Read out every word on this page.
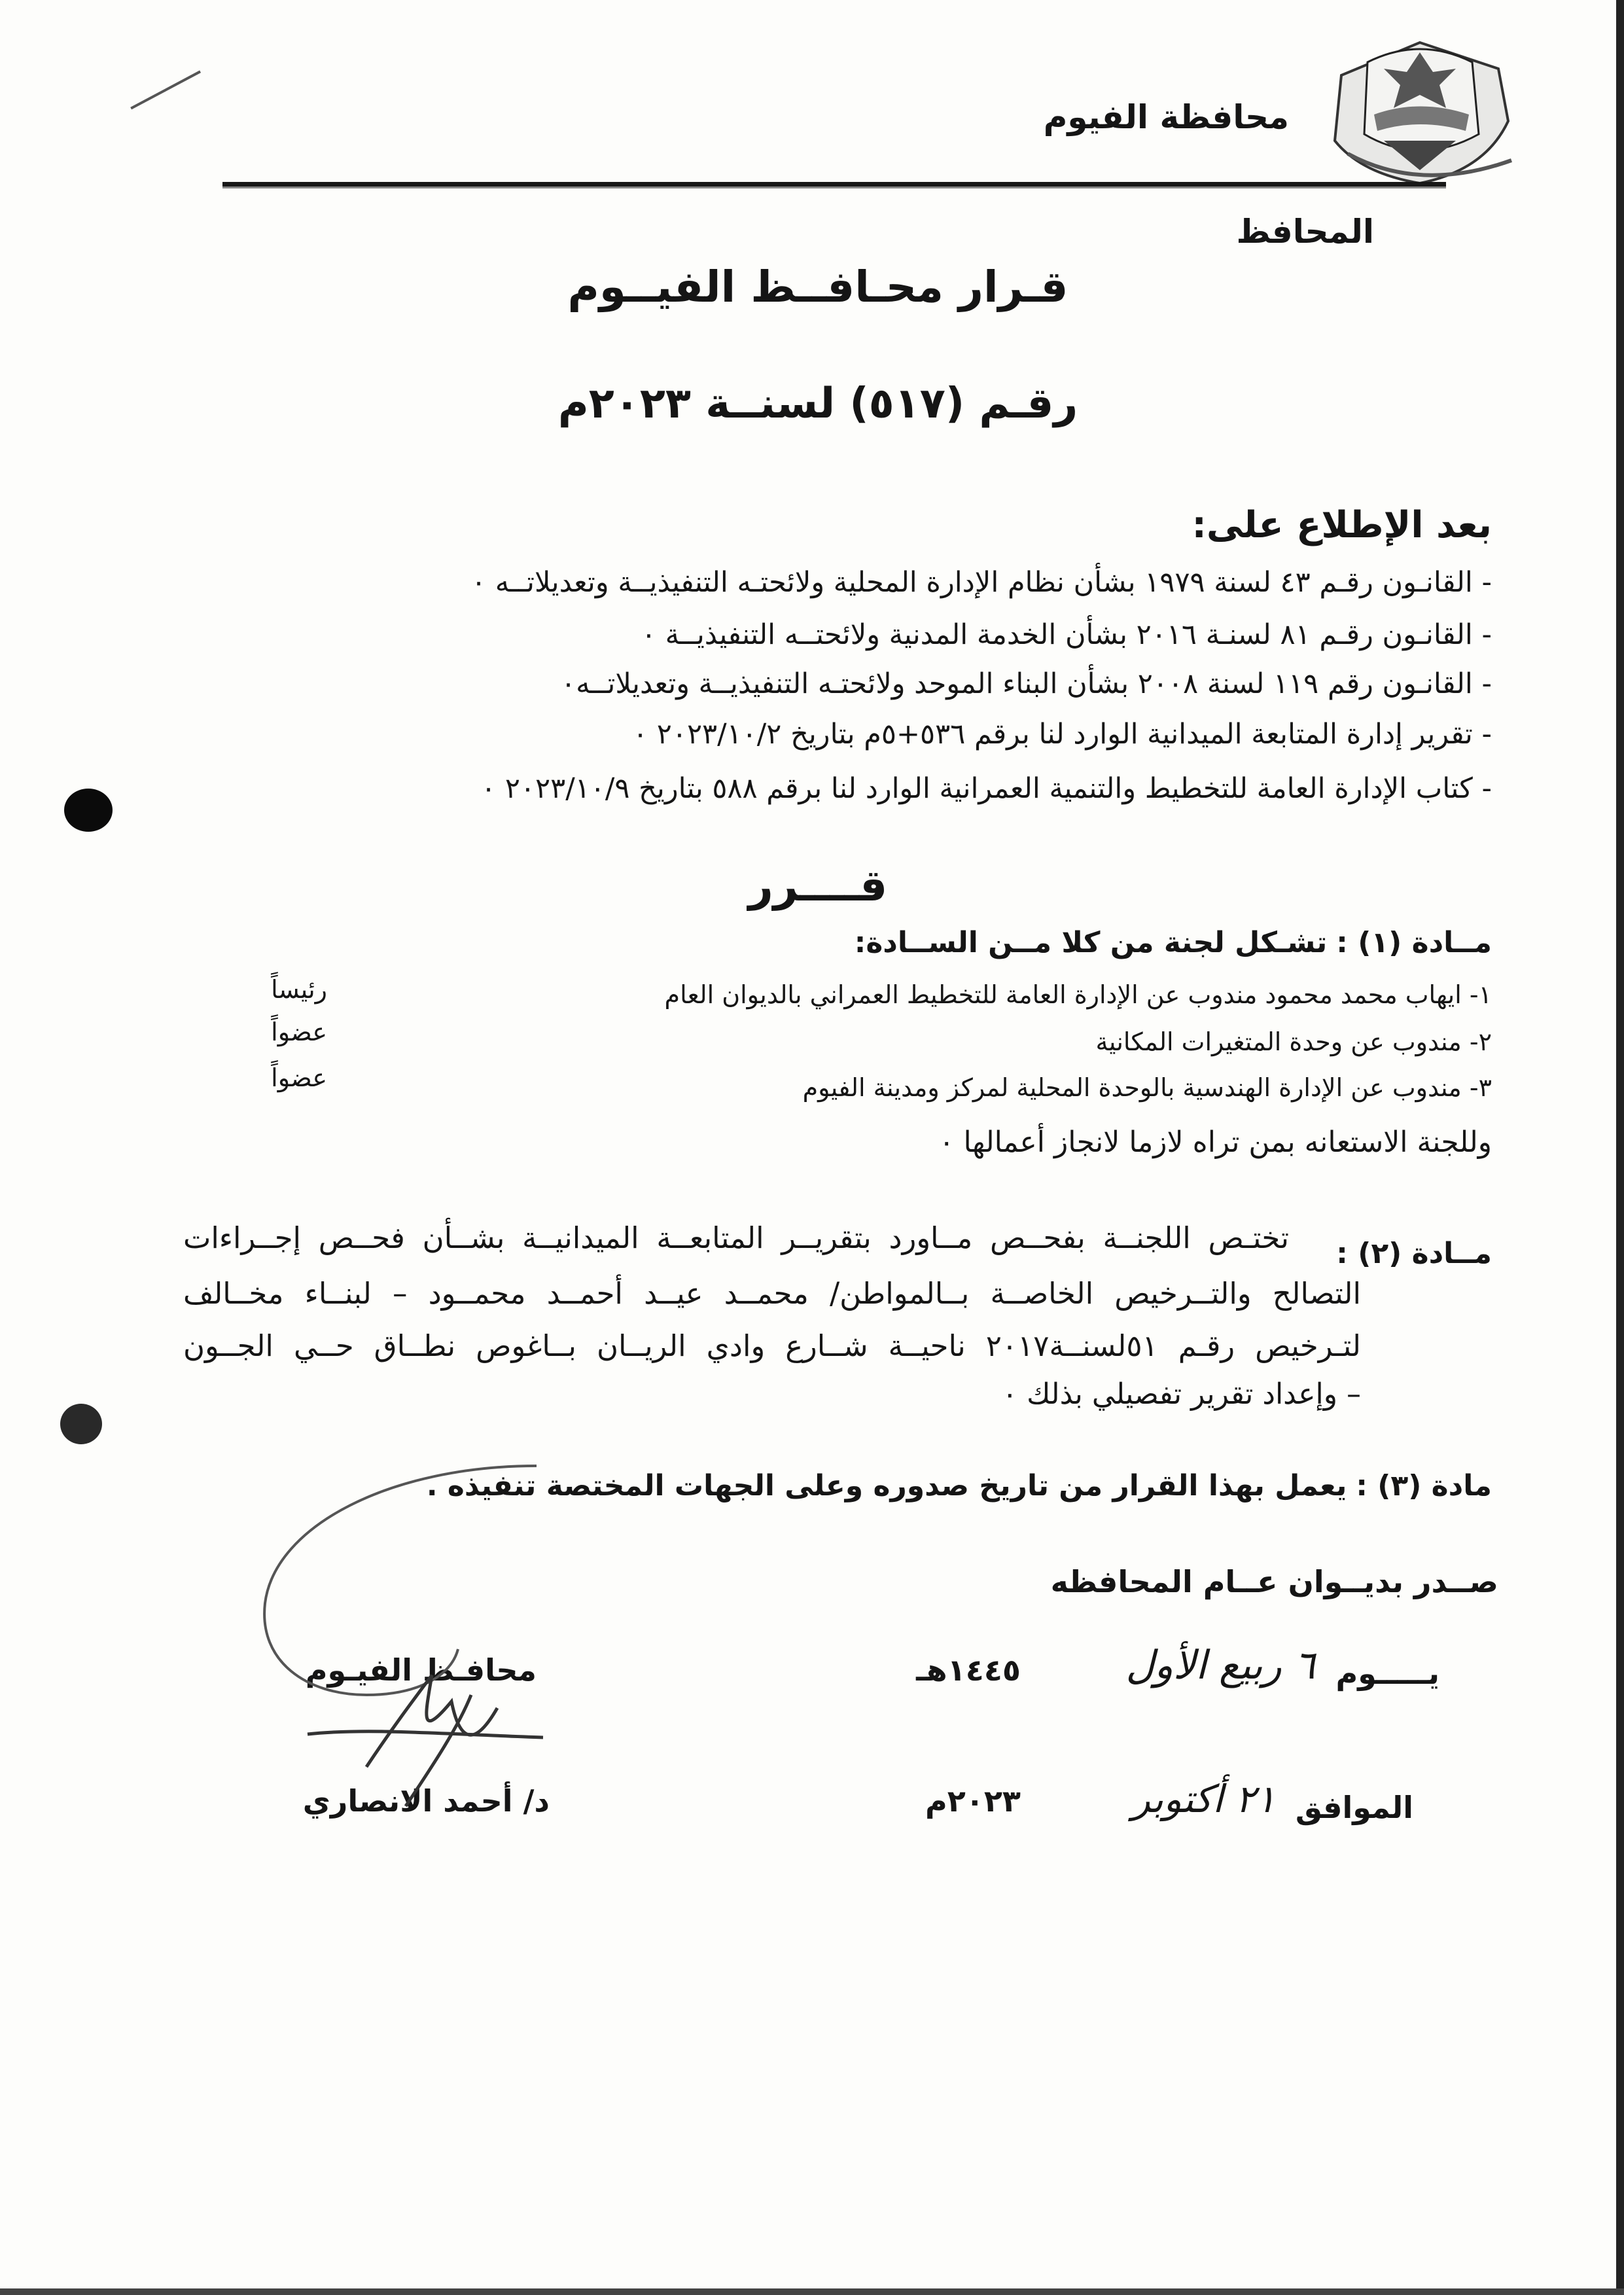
محافظة الفيوم
المحافظ
قـرار محـافــظ الفيــوم
رقـم (٥١٧) لسنــة ٢٠٢٣م
بعد الإطلاع على:
- القانـون رقـم ٤٣ لسنة ١٩٧٩ بشأن نظام الإدارة المحلية ولائحتـه التنفيذيــة وتعديلاتــه ٠
- القانـون رقـم ٨١ لسنـة ٢٠١٦ بشأن الخدمة المدنية ولائحتــه التنفيذيــة ٠
- القانـون رقم ١١٩ لسنة ٢٠٠٨ بشأن البناء الموحد ولائحتـه التنفيذيــة وتعديلاتــه٠
- تقرير إدارة المتابعة الميدانية الوارد لنا برقم ٥٣٦+٥م بتاريخ ٢٠٢٣/١٠/٢ ٠
- كتاب الإدارة العامة للتخطيط والتنمية العمرانية الوارد لنا برقم ٥٨٨ بتاريخ ٢٠٢٣/١٠/٩ ٠
قــــرر
مــادة (١) : تشـكل لجنة من كلا مــن الســادة:
١- ايهاب محمد محمود مندوب عن الإدارة العامة للتخطيط العمراني بالديوان العام
رئيساً
٢- مندوب عن وحدة المتغيرات المكانية
عضواً
٣- مندوب عن الإدارة الهندسية بالوحدة المحلية لمركز ومدينة الفيوم
عضواً
وللجنة الاستعانه بمن تراه لازما لانجاز أعمالها ٠
مــادة (٢) :
تختـص اللجنــة بفحــص مــاورد بتقريــر المتابعــة الميدانيــة بشــأن فحــص إجــراءات
التصالح والتــرخيص الخاصــة بــالمواطن/ محمــد عيــد أحمــد محمــود – لبنــاء مخــالف
لتـرخيص رقـم ٥١لسنــة٢٠١٧ ناحيــة شــارع وادي الريــان بــاغوص نطــاق حــي الجــون
– وإعداد تقرير تفصيلي بذلك ٠
مادة (٣) : يعمل بهذا القرار من تاريخ صدوره وعلى الجهات المختصة تنفيذه .
صــدر بديــوان عــام المحافظه
يـــــوم
٦ ربيع الأول
١٤٤٥هـ
محافـظ الفيـوم
الموافق
٢١ أكتوبر
٢٠٢٣م
د/ أحمد الانصاري
